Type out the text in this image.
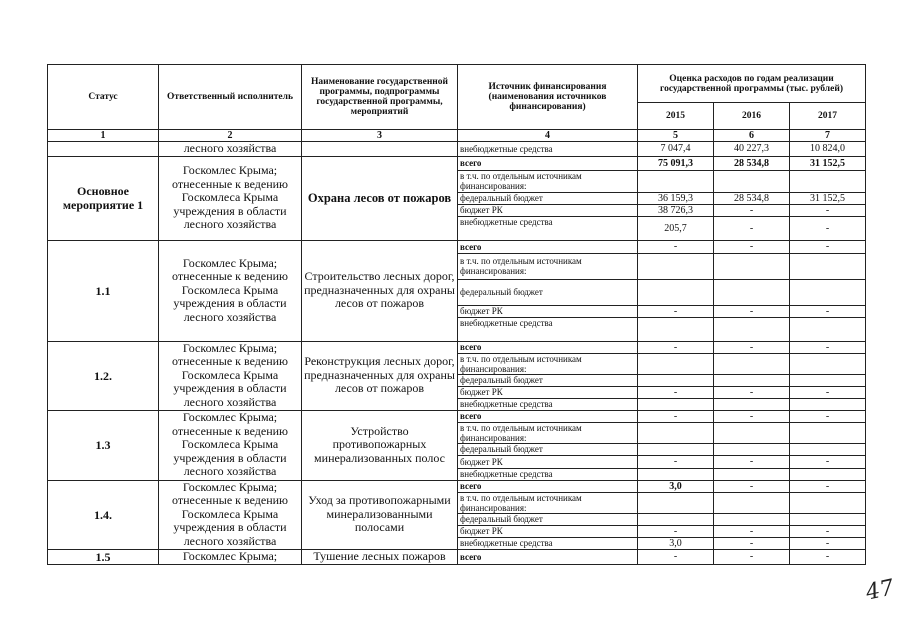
Статус	Ответственный исполнитель	Наименование государственной программы, подпрограммы государственной программы, мероприятий	Источник финансирования (наименования источников финансирования)	Оценка расходов по годам реализации государственной программы (тыс. рублей)		
				2015	2016	2017
1	2	3	4	5	6	7
	лесного хозяйства		внебюджетные средства	7 047,4	40 227,3	10 824,0
Основное мероприятие 1	Госкомлес Крыма; отнесенные к ведению Госкомлеса Крыма учреждения в области лесного хозяйства	Охрана лесов от пожаров	всего	75 091,3	28 534,8	31 152,5
			в т.ч. по отдельным источникам финансирования:			
			федеральный бюджет	36 159,3	28 534,8	31 152,5
			бюджет РК	38 726,3	-	-
			внебюджетные средства	205,7	-	-
1.1	Госкомлес Крыма; отнесенные к ведению Госкомлеса Крыма учреждения в области лесного хозяйства	Строительство лесных дорог, предназначенных для охраны лесов от пожаров	всего	-	-	-
			в т.ч. по отдельным источникам финансирования:			
			федеральный бюджет			
			бюджет РК	-	-	-
			внебюджетные средства			
1.2.	Госкомлес Крыма; отнесенные к ведению Госкомлеса Крыма учреждения в области лесного хозяйства	Реконструкция лесных дорог, предназначенных для охраны лесов от пожаров	всего	-	-	-
			в т.ч. по отдельным источникам финансирования:			
			федеральный бюджет			
			бюджет РК	-	-	-
			внебюджетные средства			
1.3	Госкомлес Крыма; отнесенные к ведению Госкомлеса Крыма учреждения в области лесного хозяйства	Устройство противопожарных минерализованных полос	всего	-	-	-
			в т.ч. по отдельным источникам финансирования:			
			федеральный бюджет			
			бюджет РК	-	-	-
			внебюджетные средства			
1.4.	Госкомлес Крыма; отнесенные к ведению Госкомлеса Крыма учреждения в области лесного хозяйства	Уход за противопожарными минерализованными полосами	всего	3,0	-	-
			в т.ч. по отдельным источникам финансирования:			
			федеральный бюджет			
			бюджет РК	-	-	-
			внебюджетные средства	3,0	-	-
1.5	Госкомлес Крыма;	Тушение лесных пожаров	всего	-	-	-
47
